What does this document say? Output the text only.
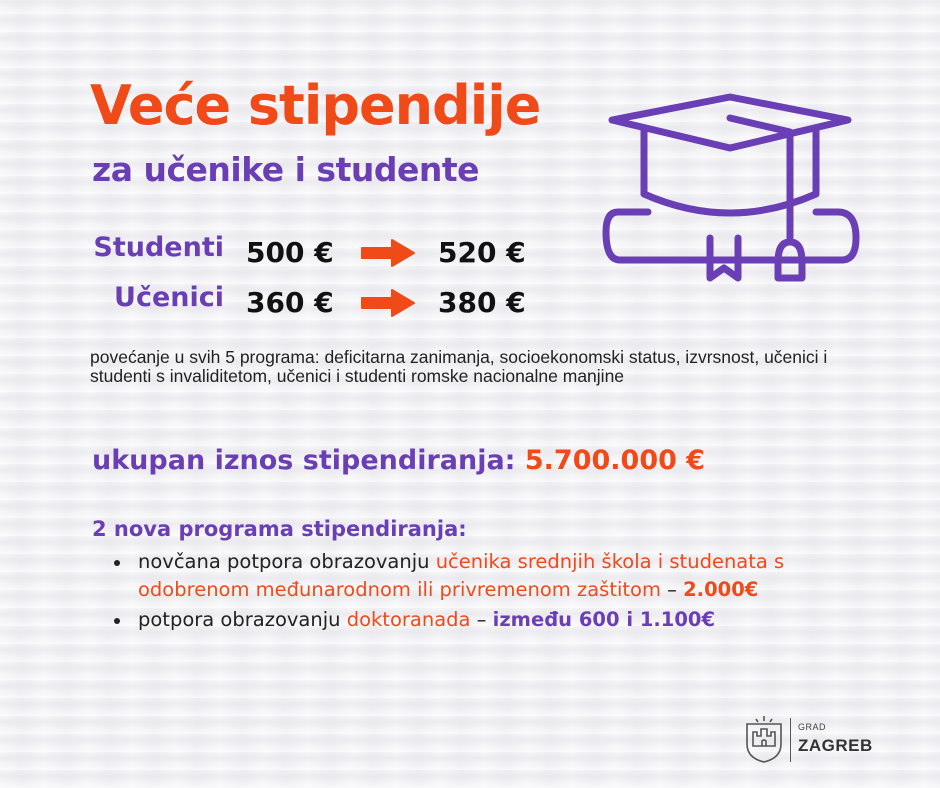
Veće stipendije
za učenike i studente
Studenti 500 €	520 €
Učenici 360 €	380 €

povećanje u svih 5 programa: deficitarna zanimanja, socioekonomski status, izvrsnost, učenici i studenti s invaliditetom, učenici i studenti romske nacionalne manjine

ukupan iznos stipendiranja: 5.700.000 €
2 nova programa stipendiranja:
novčana potpora obrazovanju učenika srednjih škola i studenata s odobrenom međunarodnom ili privremenom zaštitom – 2.000€
potpora obrazovanju doktoranada – između 600 i 1.100€
GRAD
ZAGREB
